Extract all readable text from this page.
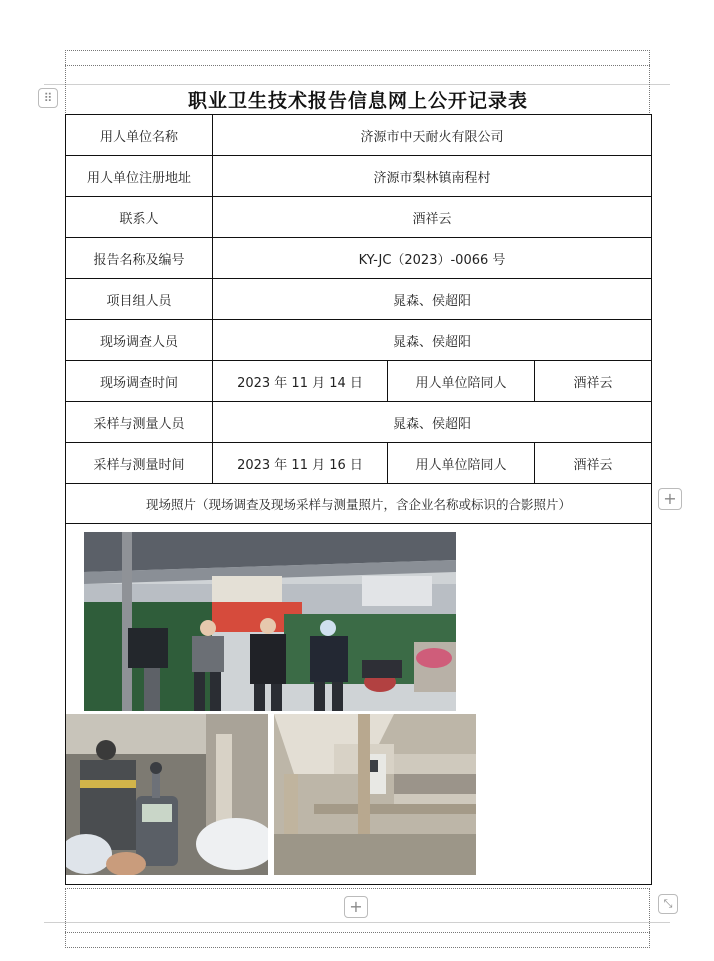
⠿
+
+	⤡
职业卫生技术报告信息网上公开记录表
用人单位名称	济源市中天耐火有限公司		
用人单位注册地址	济源市梨林镇南程村		
联系人	酒祥云		
报告名称及编号	KY-JC（2023）-0066 号		
项目组人员	晁森、侯超阳		
现场调查人员	晁森、侯超阳		
现场调查时间	2023 年 11 月 14 日	用人单位陪同人	酒祥云
采样与测量人员	晁森、侯超阳		
采样与测量时间	2023 年 11 月 16 日	用人单位陪同人	酒祥云
现场照片（现场调查及现场采样与测量照片，含企业名称或标识的合影照片）			
